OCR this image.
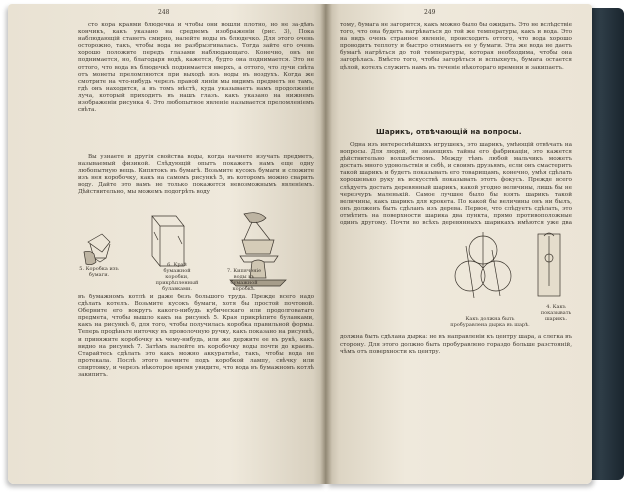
248

сто кора краями блюдечка и чтобы они вошли плотно, но не за-дѣвъ кончикъ, какъ указано на среднемъ изображеніи (рис. 3), Пока наблюдающій станетъ смирно, налейте воды въ блюдечко. Для этого очень осторожно, такъ, чтобы вода не разбрызгивалась. Тогда зайте его очень хорошо положите передъ глазами наблюдающаго. Конечно, онъ не поднимается, но, благодаря водѣ, кажется, будто она поднимается. Это не оттого, что вода въ блюдечкѣ поднимается вверхъ, а оттого, что лучи свѣта отъ монеты преломляются при выходѣ изъ воды въ воздухъ. Когда же смотрите на что-нибудь черезъ правой линіи мы видимъ предметъ не тамъ, гдѣ онъ находится, а въ томъ мѣстѣ, куда указываетъ намъ продолженіе луча, который приходитъ въ нашъ глазъ. какъ указано на нижнемъ изображеніи рисунка 4. Это любопытное явленіе называется преломленіемъ свѣта.

Вы узнаете и другія свойства воды, когда начнете изучать предметъ, называемый физикой. Слѣдующій опытъ покажетъ намъ еще одну любопытную вещь. Кипятокъ въ бумагѣ. Возьмите кусокъ бумаги и сложите изъ нея коробочку, какъ на самомъ рисункѣ 5, въ которомъ можно сварить воду. Дайте это вамъ не только покажется невозможнымъ явленіемъ. Дѣйствительно, мы можемъ подогрѣть воду

5. Коробка изъ бумаги.
6. Край бумажной коробки, прикрѣпленный булавками.
7. Кипяченіе воды въ бумажной коробкѣ.

въ бумажномъ котлѣ и даже безъ большого труда. Прежде всего надо сдѣлать котелъ. Возьмите кусокъ бумаги, хотя бы простой почтовой. Оберните его вокругъ какого-нибудь кубическаго или продолговатаго предмета, чтобы вышло какъ на рисункѣ 5. Края прикрѣпите булавками, какъ на рисункѣ 6, для того, чтобы получилась коробка правильной формы. Теперь продѣньте ниточку въ проволочную ручку, какъ показано на рисункѣ, и привяжите коробочку къ чему-нибудь, или же держите ее въ рукѣ, какъ видно на рисункѣ 7. Затѣмъ налейте въ коробочку воды почти до краевъ. Старайтесь сдѣлать это какъ можно аккуратнѣе, такъ, чтобы вода не протекала. Послѣ этого начните подъ коробкой лампу, свѣчку или спиртовку, и черезъ нѣкоторое время увидите, что вода въ бумажномъ котлѣ закипитъ.

249

тому, бумага не загорится, какъ можно было бы ожидать. Это не вслѣдствіе того, что она будетъ нагрѣваться до той же температуры, какъ и вода. Это на видъ очень странное явленіе, происходитъ оттого, что вода хорошо проводитъ теплоту и быстро отнимаетъ ее у бумаги. Эта же вода не даетъ бумагѣ нагрѣться до той температуры, которая необходима, чтобы она загорѣлась. Вмѣсто того, чтобы загорѣться и вспыхнуть, бумага остается цѣлой, котелъ служитъ намъ въ теченіе нѣкотораго времени и закипаетъ.

Шарикъ, отвѣчающій на вопросы.

Одна изъ интереснѣйшихъ игрушекъ, это шарикъ, умѣющій отвѣчать на вопросы. Для людей, не знающихъ тайны его фабрикаціи, это кажется дѣйствительно волшебствомъ. Между тѣмъ любой мальчикъ можетъ достать много удовольствія и себѣ, и своимъ друзьямъ, если онъ смастеритъ такой шарикъ и будетъ показывать его товарищамъ, конечно, умѣя сдѣлать хорошенько руку въ искусствѣ показывать этотъ фокусъ. Прежде всего слѣдуетъ достать деревянный шарикъ, какой угодно величины, лишь бы не черезчуръ маленькій. Самое лучшее было бы взять шарикъ такой величины, какъ шарикъ для крокета. По какой бы величины онъ ни былъ, онъ долженъ быть сдѣланъ изъ дерева. Первое, что слѣдуетъ сдѣлать, это отмѣтить на поверхности шарика два пункта, прямо противоположные одинъ другому. Почти во всѣхъ деревянныхъ шарикахъ имѣются уже два

Какъ должна быть пробуравлена дырка въ шарѣ.
4. Какъ показывать шарикъ.

должна быть сдѣлана дырка: не въ направленіи къ центру шара, а слегка въ сторону. Для этого должно быть пробуравлено гораздо больше разстояній, чѣмъ отъ поверхности къ центру.
